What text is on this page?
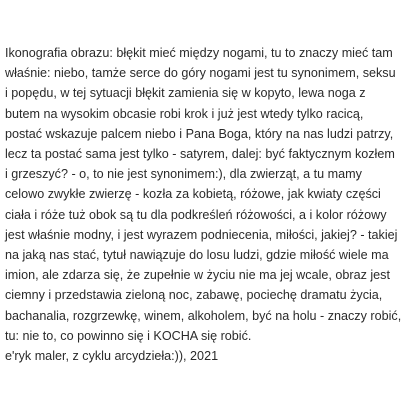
Ikonografia obrazu: błękit mieć między nogami, tu to znaczy mieć tam
właśnie: niebo, tamże serce do góry nogami jest tu synonimem, seksu
i popędu, w tej sytuacji błękit zamienia się w kopyto, lewa noga z
butem na wysokim obcasie robi krok i już jest wtedy tylko racicą,
postać wskazuje palcem niebo i Pana Boga, który na nas ludzi patrzy,
lecz ta postać sama jest tylko - satyrem, dalej: być faktycznym kozłem
i grzeszyć? - o, to nie jest synonimem:), dla zwierząt, a tu mamy
celowo zwykłe zwierzę - kozła za kobietą, różowe, jak kwiaty części
ciała i róże tuż obok są tu dla podkreśleń różowości, a i kolor różowy
jest właśnie modny, i jest wyrazem podniecenia, miłości, jakiej? - takiej
na jaką nas stać, tytuł nawiązuje do losu ludzi, gdzie miłość wiele ma
imion, ale zdarza się, że zupełnie w życiu nie ma jej wcale, obraz jest
ciemny i przedstawia zieloną noc, zabawę, pociechę dramatu życia,
bachanalia, rozgrzewkę, winem, alkoholem, być na holu - znaczy robić,
tu: nie to, co powinno się i KOCHA się robić.
e'ryk maler, z cyklu arcydzieła:)), 2021
